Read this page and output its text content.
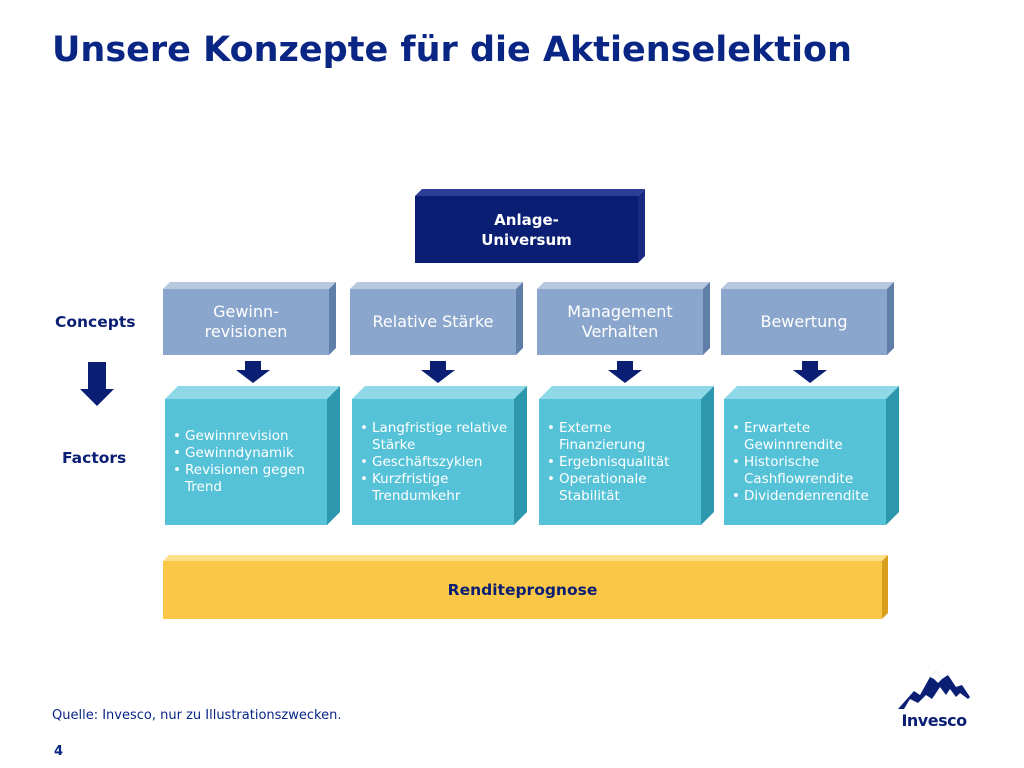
Unsere Konzepte für die Aktienselektion
Anlage-
Universum
Concepts
Factors
Gewinn-
revisionen
Relative Stärke
Management
Verhalten
Bewertung
• Gewinnrevision
• Gewinndynamik
• Revisionen gegen Trend
• Langfristige relative Stärke
• Geschäftszyklen
• Kurzfristige Trendumkehr
• Externe Finanzierung
• Ergebnisqualität
• Operationale Stabilität
• Erwartete Gewinnrendite
• Historische Cashflowrendite
• Dividendenrendite
Renditeprognose
Quelle: Invesco, nur zu Illustrationszwecken.
4
Invesco
